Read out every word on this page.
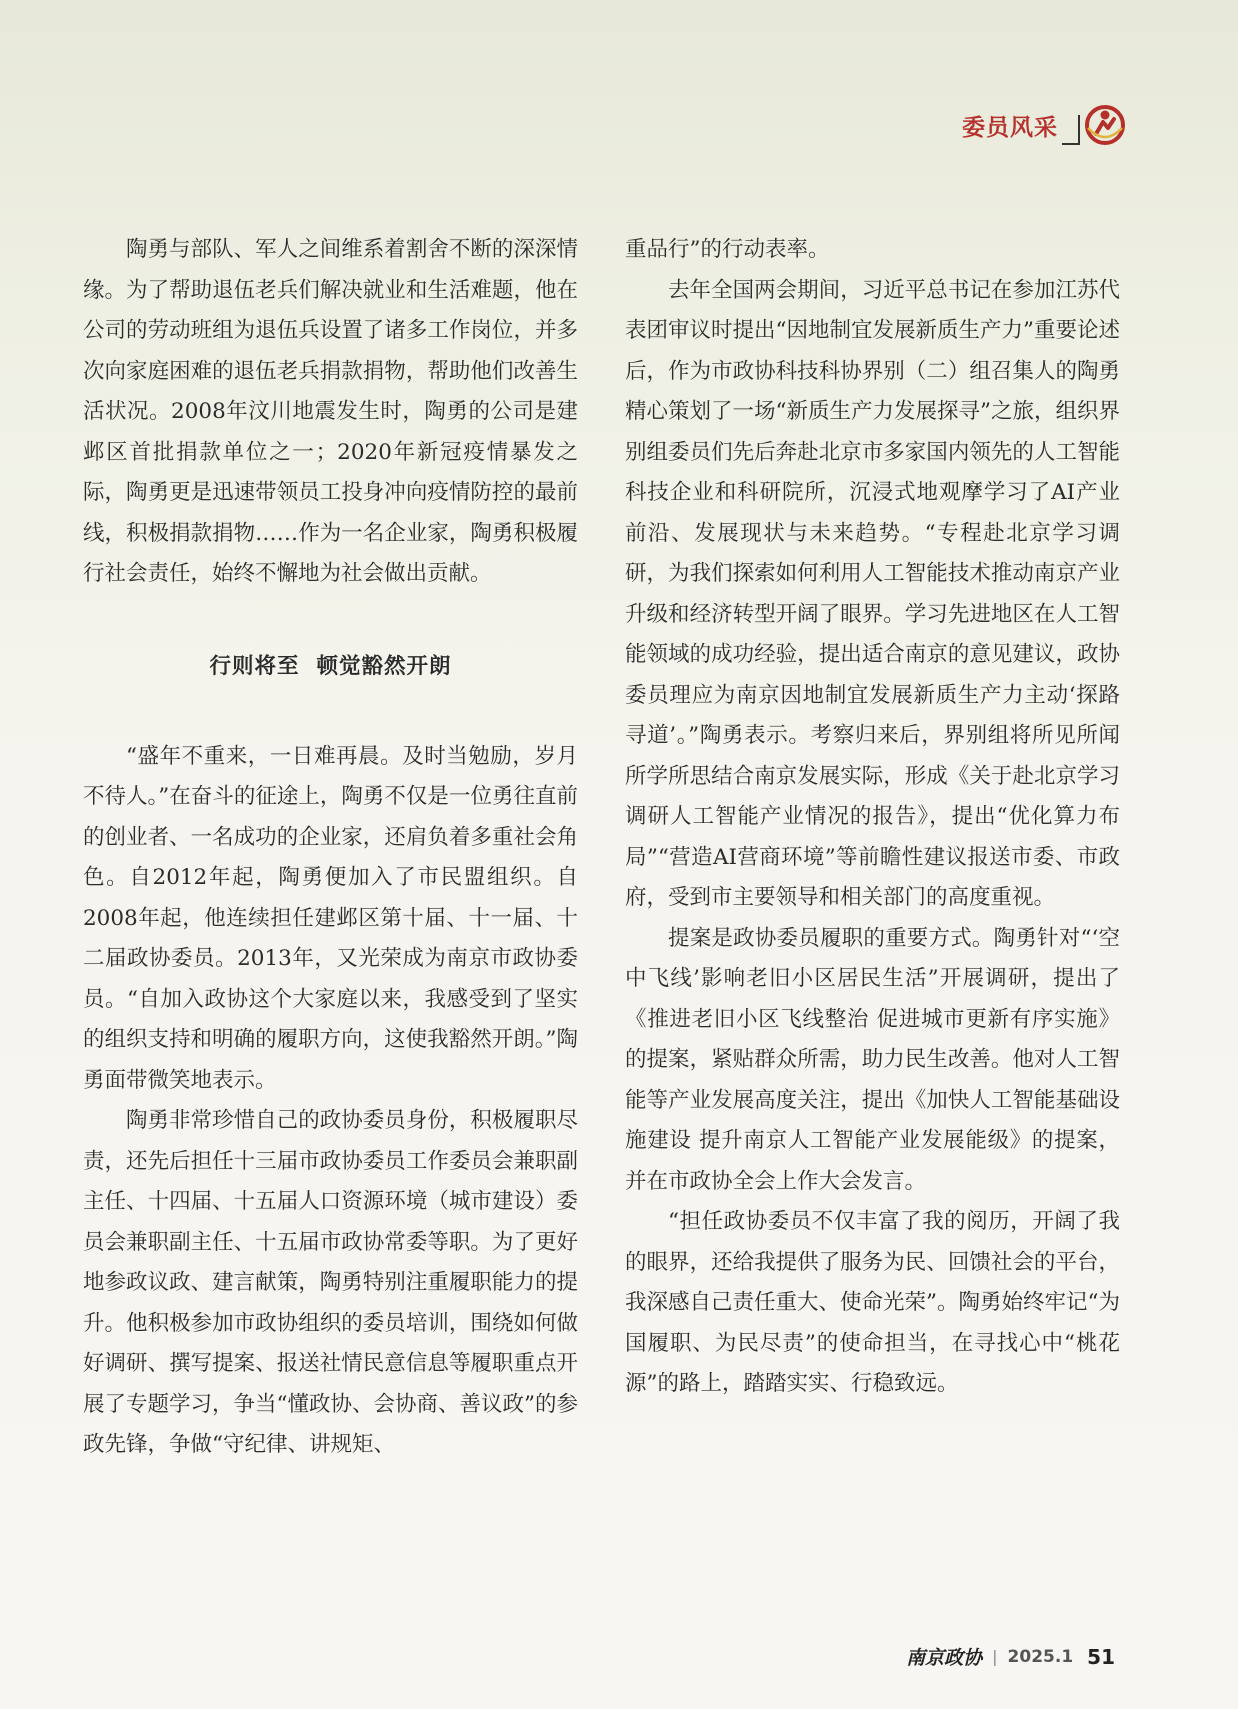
委员风采

陶勇与部队、军人之间维系着割舍不断的深深情缘。为了帮助退伍老兵们解决就业和生活难题，他在公司的劳动班组为退伍兵设置了诸多工作岗位，并多次向家庭困难的退伍老兵捐款捐物，帮助他们改善生活状况。2008年汶川地震发生时，陶勇的公司是建邺区首批捐款单位之一；2020年新冠疫情暴发之际，陶勇更是迅速带领员工投身冲向疫情防控的最前线，积极捐款捐物……作为一名企业家，陶勇积极履行社会责任，始终不懈地为社会做出贡献。

行则将至  顿觉豁然开朗

“盛年不重来，一日难再晨。及时当勉励，岁月不待人。”在奋斗的征途上，陶勇不仅是一位勇往直前的创业者、一名成功的企业家，还肩负着多重社会角色。自2012年起，陶勇便加入了市民盟组织。自2008年起，他连续担任建邺区第十届、十一届、十二届政协委员。2013年，又光荣成为南京市政协委员。“自加入政协这个大家庭以来，我感受到了坚实的组织支持和明确的履职方向，这使我豁然开朗。”陶勇面带微笑地表示。

陶勇非常珍惜自己的政协委员身份，积极履职尽责，还先后担任十三届市政协委员工作委员会兼职副主任、十四届、十五届人口资源环境（城市建设）委员会兼职副主任、十五届市政协常委等职。为了更好地参政议政、建言献策，陶勇特别注重履职能力的提升。他积极参加市政协组织的委员培训，围绕如何做好调研、撰写提案、报送社情民意信息等履职重点开展了专题学习，争当“懂政协、会协商、善议政”的参政先锋，争做“守纪律、讲规矩、

重品行”的行动表率。

去年全国两会期间，习近平总书记在参加江苏代表团审议时提出“因地制宜发展新质生产力”重要论述后，作为市政协科技科协界别（二）组召集人的陶勇精心策划了一场“新质生产力发展探寻”之旅，组织界别组委员们先后奔赴北京市多家国内领先的人工智能科技企业和科研院所，沉浸式地观摩学习了AI产业前沿、发展现状与未来趋势。“专程赴北京学习调研，为我们探索如何利用人工智能技术推动南京产业升级和经济转型开阔了眼界。学习先进地区在人工智能领域的成功经验，提出适合南京的意见建议，政协委员理应为南京因地制宜发展新质生产力主动‘探路寻道’。”陶勇表示。考察归来后，界别组将所见所闻所学所思结合南京发展实际，形成《关于赴北京学习调研人工智能产业情况的报告》，提出“优化算力布局”“营造AI营商环境”等前瞻性建议报送市委、市政府，受到市主要领导和相关部门的高度重视。

提案是政协委员履职的重要方式。陶勇针对“‘空中飞线’影响老旧小区居民生活”开展调研，提出了《推进老旧小区飞线整治 促进城市更新有序实施》的提案，紧贴群众所需，助力民生改善。他对人工智能等产业发展高度关注，提出《加快人工智能基础设施建设 提升南京人工智能产业发展能级》的提案，并在市政协全会上作大会发言。

“担任政协委员不仅丰富了我的阅历，开阔了我的眼界，还给我提供了服务为民、回馈社会的平台，我深感自己责任重大、使命光荣”。陶勇始终牢记“为国履职、为民尽责”的使命担当，在寻找心中“桃花源”的路上，踏踏实实、行稳致远。

南京政协 | 2025.1 51
